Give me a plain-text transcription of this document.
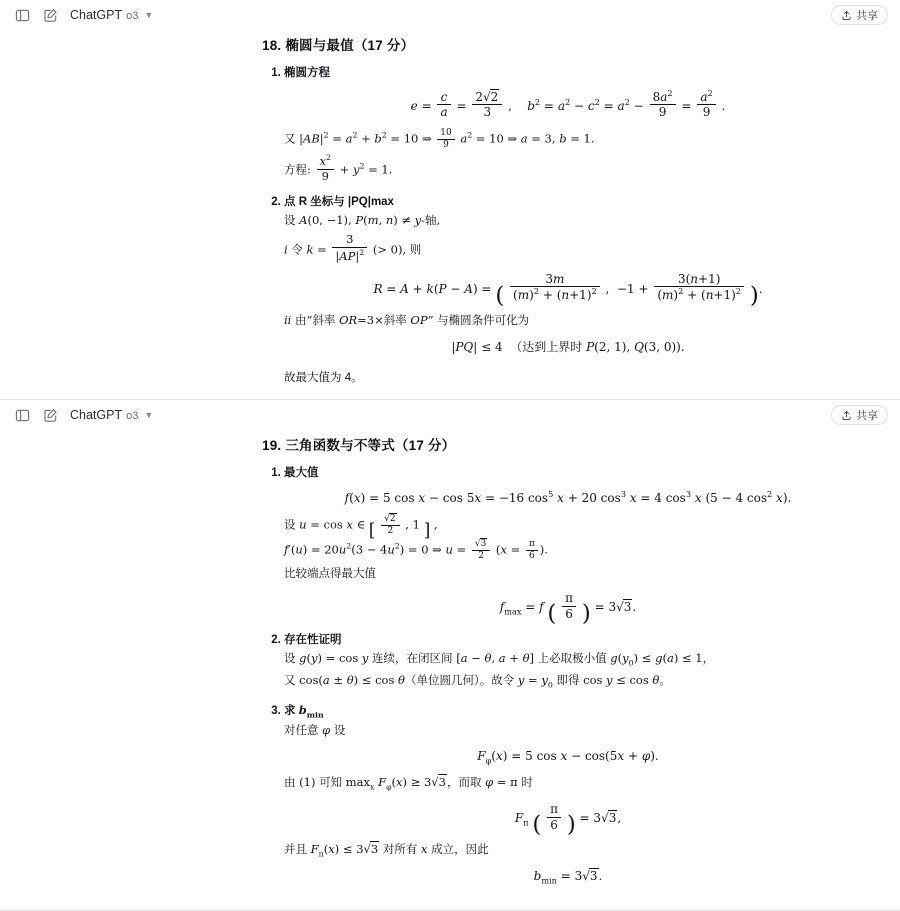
ChatGPT o3 ▼	共享
18. 椭圆与最值（17 分）
1. 椭圆方程
$e = \frac{c}{a} = \frac{2√2}{3}$ , $b^2 = a^2 - c^2 = a^2 - \frac{8a^2}{9} = \frac{a^2}{9}$ .
又 $|AB|^2 = a^2 + b^2 = 10$ ⇒ $\frac{10}{9} a^2 = 10$ ⇒ a = 3, b = 1.
方程: $\frac{x^2}{9} + y^2 = 1$.
2. 点 R 坐标与 |PQ|max
设 A(0, −1), P(m, n) ≠ y-轴,
i 令 $k = \frac{3}{|AP|^2}$ (> 0), 则
R = A + k(P − A) = ( $\frac{3m}{(m)^2 + (n+1)^2}$ ,  $-1 + \frac{3(n+1)}{(m)^2 + (n+1)^2}$ ).
ii 由“斜率 OR=3×斜率 OP” 与椭圆条件可化为
|PQ| ≤ 4  （达到上界时 P(2, 1), Q(3, 0)).
故最大值为 4。
ChatGPT o3 ▼	共享
19. 三角函数与不等式（17 分）
1. 最大值
f(x) = 5 cos x − cos 5x = −16 $\cos^5 x + 20$ $\cos^3 x = 4$ $\cos^3 x$ (5 − 4 $\cos^2 x$).
设 u = cos x ∈ [ $\frac{√2}{2}$ , 1 ] ,
$f'(u) = 20u^2(3 - 4u^2) = 0$ ⇒ $u = \frac{√3}{2} (x = \frac{\pi}{6}$ ).
比较端点得最大值
$f_{max} = f$ ( $\frac{\pi}{6}$ ) = 3√3.
2. 存在性证明
设 g(y) = cos y 连续，在闭区间 [a − θ, a + θ] 上必取极小值 $g(y_0) \le g(a) \le 1$，
又 cos(a ± θ) ≤ cos θ（单位圆几何）。故令 $y = y_0$ 即得 cos y ≤ cos θ。
3. 求 $b_{min}$
对任意 φ 设
$F_\varphi(x) = 5$ cos x − cos(5x + φ).
由 (1) 可知 $\max_x F_\varphi(x) \ge 3√3$，而取 φ = π 时
$F_\pi$ ( $\frac{\pi}{6}$ ) = 3√3,
并且 $F_\pi(x) \le 3√3$ 对所有 x 成立，因此
$b_{min} = 3√3$.
